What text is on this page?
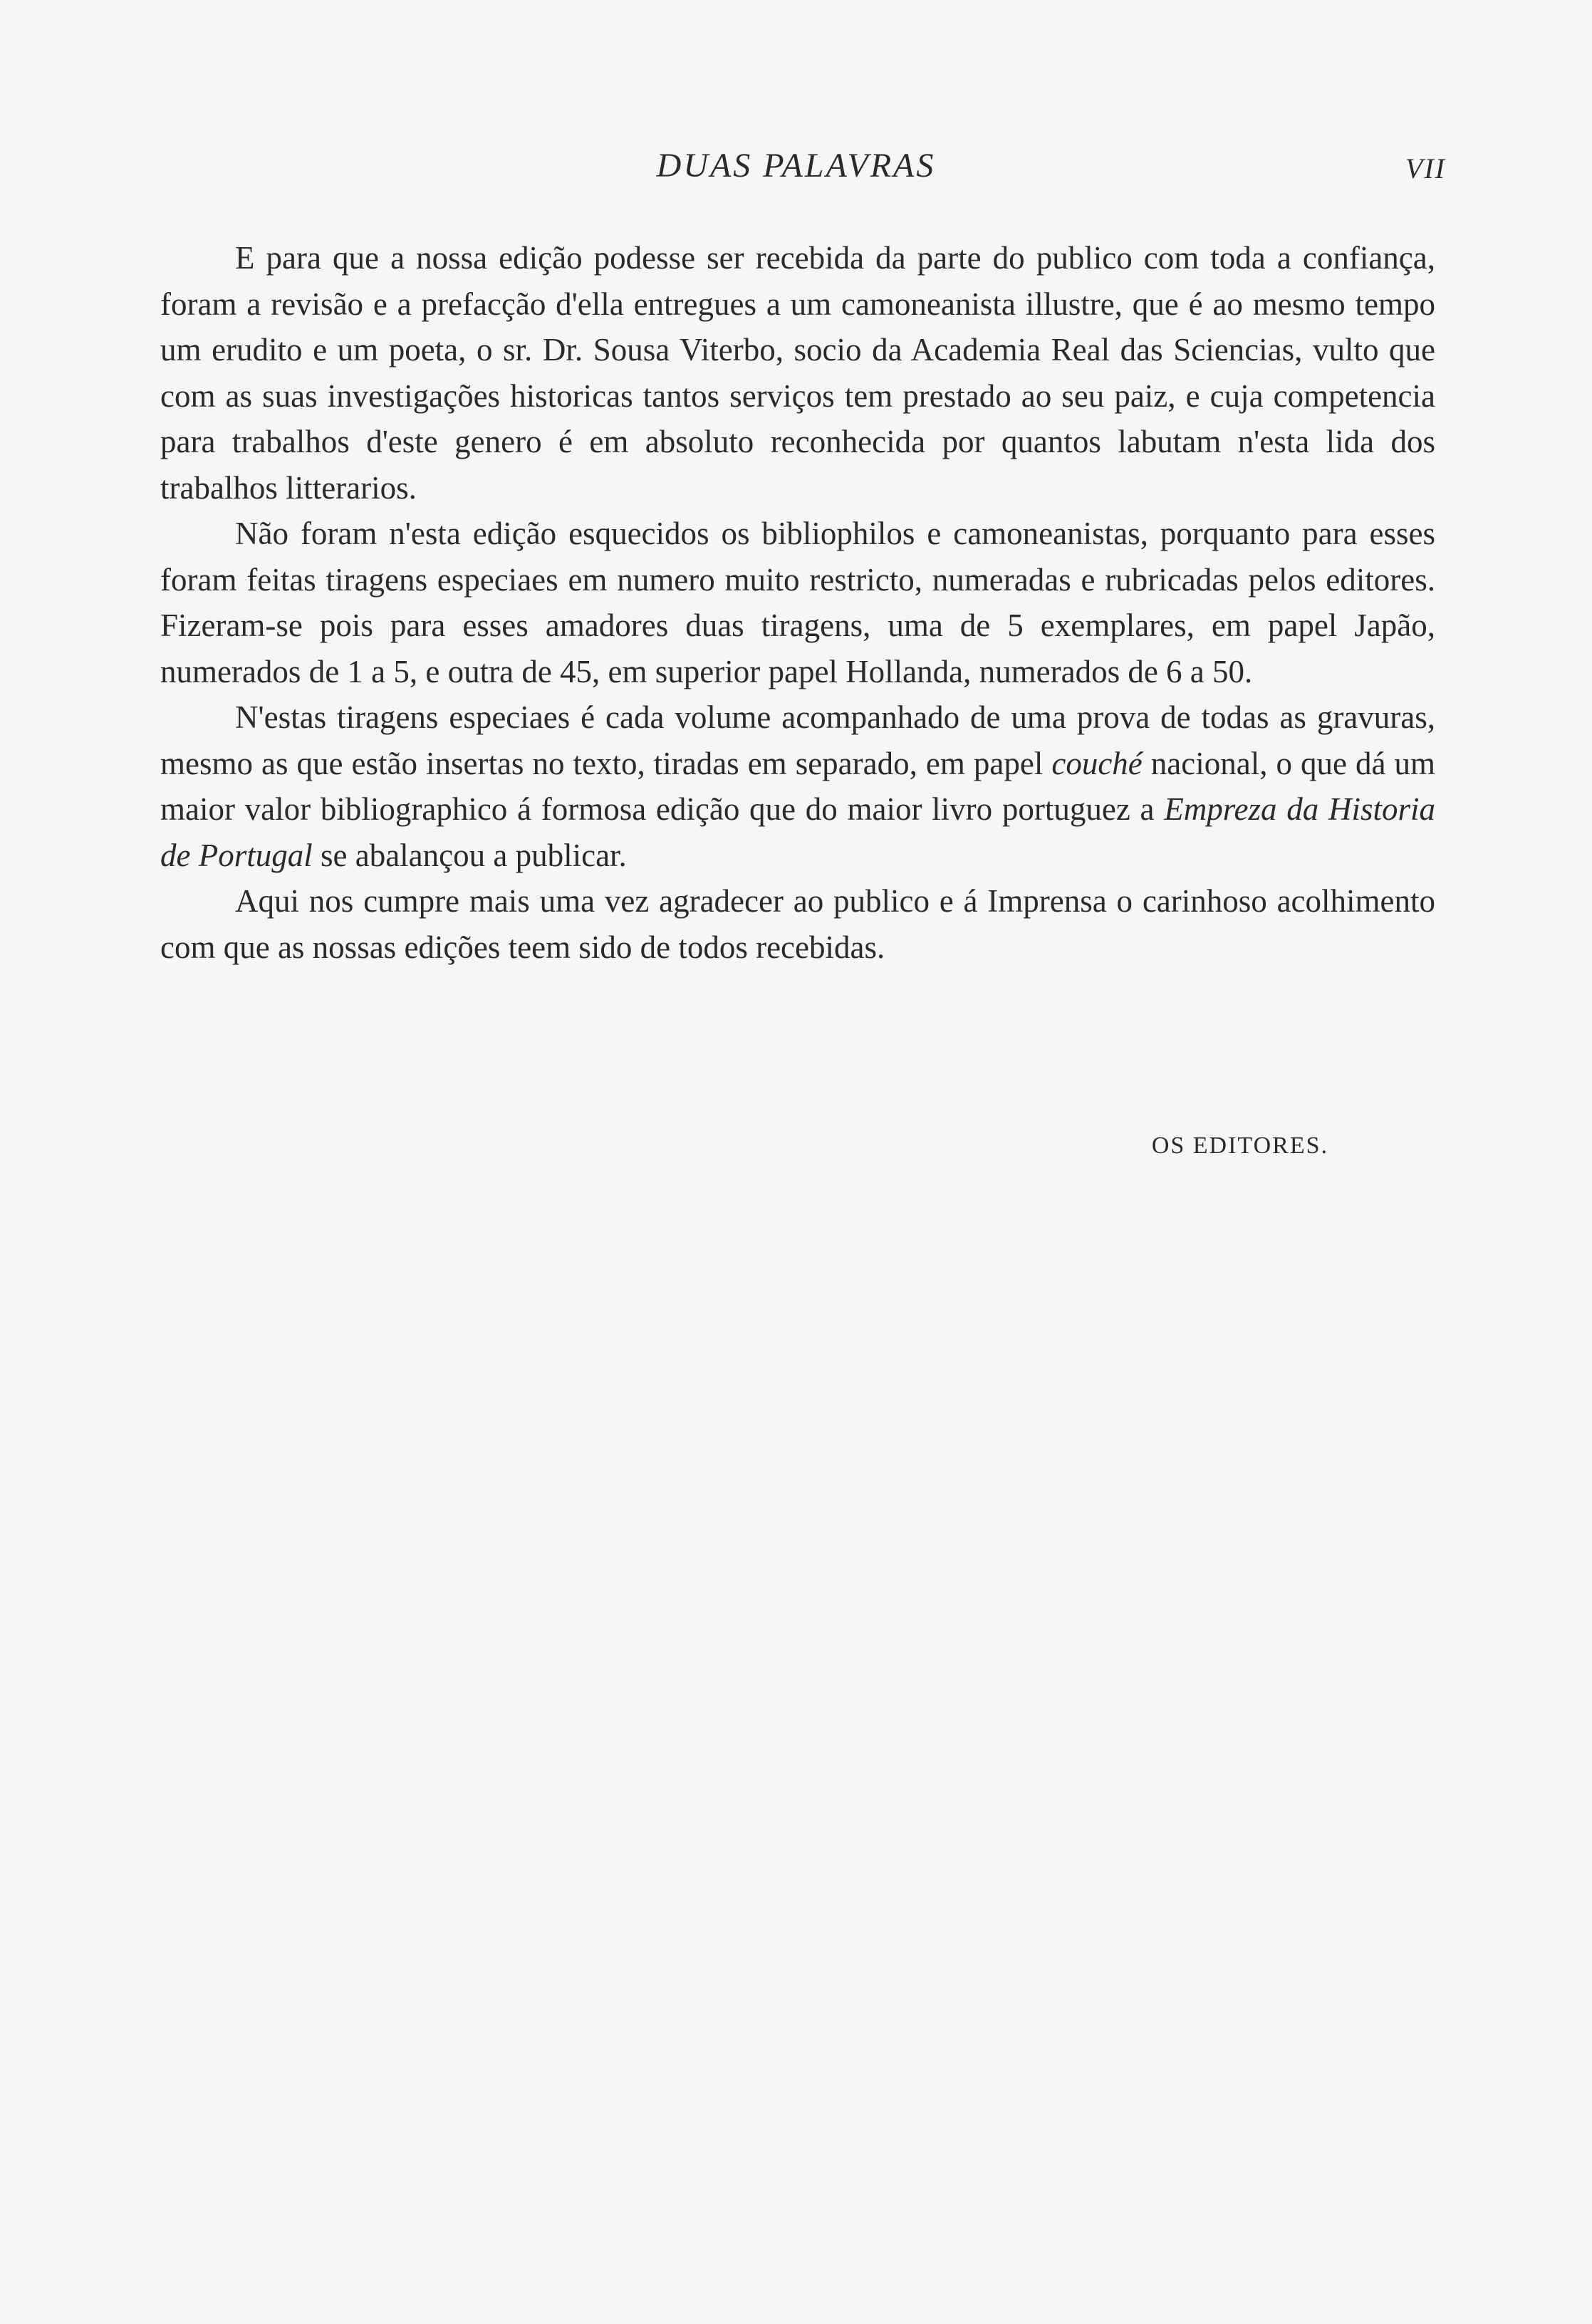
DUAS PALAVRAS	VII

E para que a nossa edição podesse ser recebida da parte do publico com toda a confiança, foram a revisão e a prefacção d'ella entregues a um camoneanista illustre, que é ao mesmo tempo um erudito e um poeta, o sr. Dr. Sousa Viterbo, socio da Academia Real das Sciencias, vulto que com as suas investigações historicas tantos serviços tem prestado ao seu paiz, e cuja competencia para trabalhos d'este genero é em absoluto reconhecida por quantos labutam n'esta lida dos trabalhos litterarios.

Não foram n'esta edição esquecidos os bibliophilos e camoneanistas, porquanto para esses foram feitas tiragens especiaes em numero muito restricto, numeradas e rubricadas pelos editores. Fizeram-se pois para esses amadores duas tiragens, uma de 5 exemplares, em papel Japão, numerados de 1 a 5, e outra de 45, em superior papel Hollanda, numerados de 6 a 50.

N'estas tiragens especiaes é cada volume acompanhado de uma prova de todas as gravuras, mesmo as que estão insertas no texto, tiradas em separado, em papel couché nacional, o que dá um maior valor bibliographico á formosa edição que do maior livro portuguez a Empreza da Historia de Portugal se abalançou a publicar.

Aqui nos cumpre mais uma vez agradecer ao publico e á Imprensa o carinhoso acolhimento com que as nossas edições teem sido de todos recebidas.

OS EDITORES.
